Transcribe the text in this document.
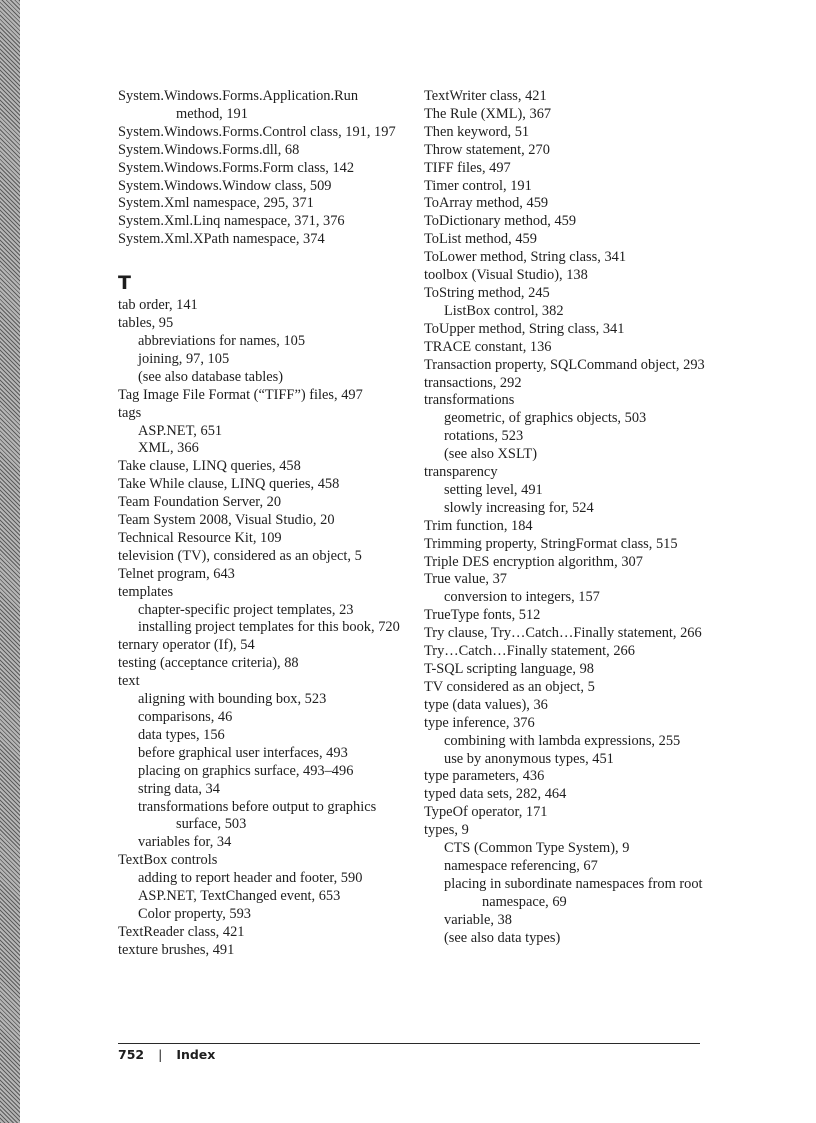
System.Windows.Forms.Application.Run method, 191

System.Windows.Forms.Control class, 191, 197

System.Windows.Forms.dll, 68

System.Windows.Forms.Form class, 142

System.Windows.Window class, 509

System.Xml namespace, 295, 371

System.Xml.Linq namespace, 371, 376

System.Xml.XPath namespace, 374

T

tab order, 141

tables, 95

abbreviations for names, 105

joining, 97, 105

(see also database tables)

Tag Image File Format (“TIFF”) files, 497

tags

ASP.NET, 651

XML, 366

Take clause, LINQ queries, 458

Take While clause, LINQ queries, 458

Team Foundation Server, 20

Team System 2008, Visual Studio, 20

Technical Resource Kit, 109

television (TV), considered as an object, 5

Telnet program, 643

templates

chapter-specific project templates, 23

installing project templates for this book, 720

ternary operator (If), 54

testing (acceptance criteria), 88

text

aligning with bounding box, 523

comparisons, 46

data types, 156

before graphical user interfaces, 493

placing on graphics surface, 493–496

string data, 34

transformations before output to graphics surface, 503

variables for, 34

TextBox controls

adding to report header and footer, 590

ASP.NET, TextChanged event, 653

Color property, 593

TextReader class, 421

texture brushes, 491

TextWriter class, 421

The Rule (XML), 367

Then keyword, 51

Throw statement, 270

TIFF files, 497

Timer control, 191

ToArray method, 459

ToDictionary method, 459

ToList method, 459

ToLower method, String class, 341

toolbox (Visual Studio), 138

ToString method, 245

ListBox control, 382

ToUpper method, String class, 341

TRACE constant, 136

Transaction property, SQLCommand object, 293

transactions, 292

transformations

geometric, of graphics objects, 503

rotations, 523

(see also XSLT)

transparency

setting level, 491

slowly increasing for, 524

Trim function, 184

Trimming property, StringFormat class, 515

Triple DES encryption algorithm, 307

True value, 37

conversion to integers, 157

TrueType fonts, 512

Try clause, Try…Catch…Finally statement, 266

Try…Catch…Finally statement, 266

T-SQL scripting language, 98

TV considered as an object, 5

type (data values), 36

type inference, 376

combining with lambda expressions, 255

use by anonymous types, 451

type parameters, 436

typed data sets, 282, 464

TypeOf operator, 171

types, 9

CTS (Common Type System), 9

namespace referencing, 67

placing in subordinate namespaces from root namespace, 69

variable, 38

(see also data types)

752 | Index
